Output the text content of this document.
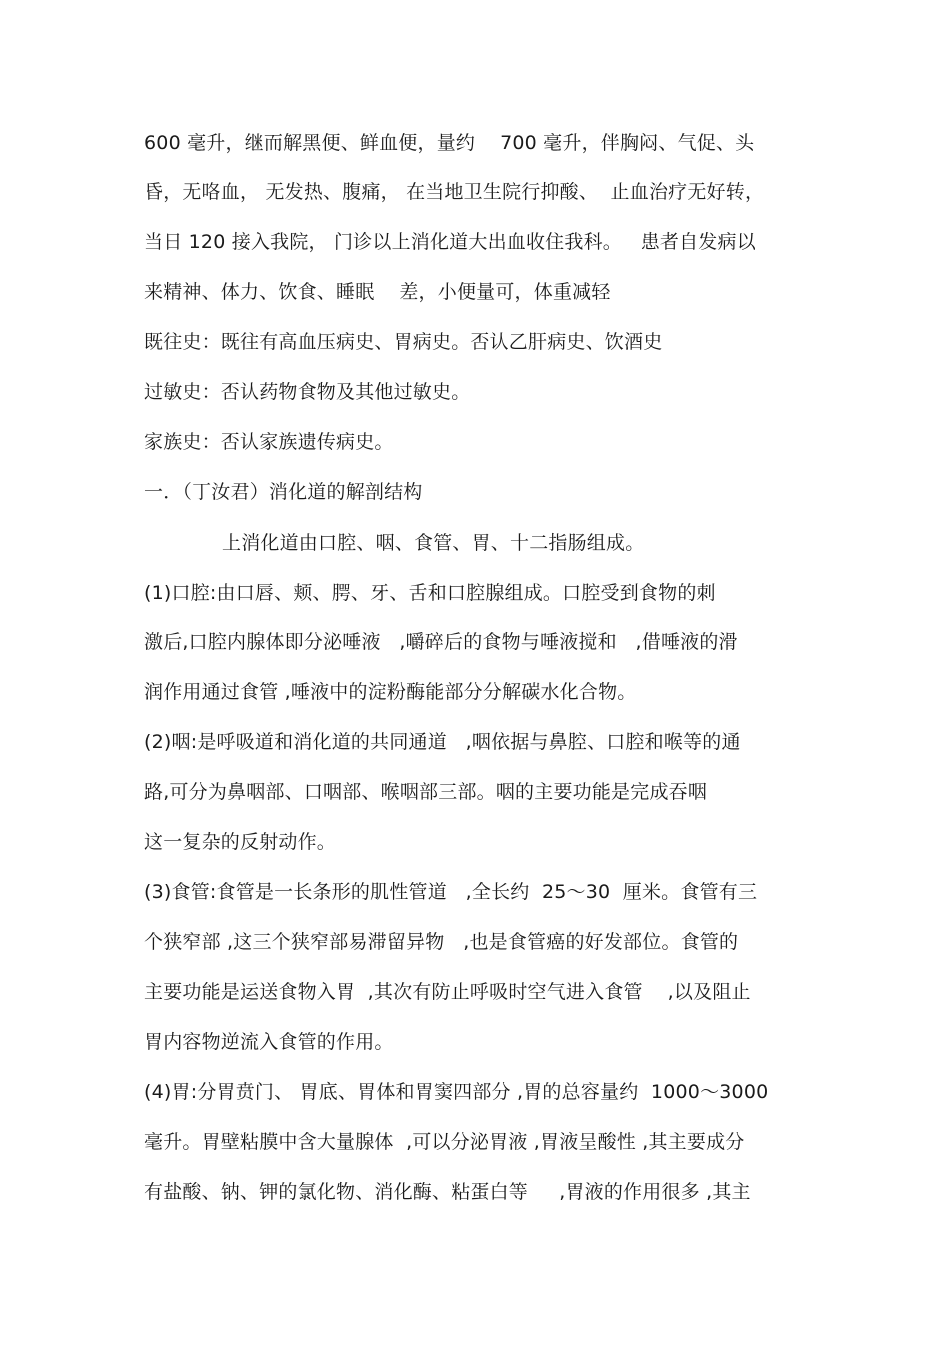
600 毫升，继而解黑便、鲜血便，量约    700 毫升，伴胸闷、气促、头
昏，无咯血， 无发热、腹痛， 在当地卫生院行抑酸、  止血治疗无好转，
当日 120 接入我院， 门诊以上消化道大出血收住我科。   患者自发病以
来精神、体力、饮食、睡眠    差，小便量可，体重减轻
既往史：既往有高血压病史、胃病史。否认乙肝病史、饮酒史
过敏史：否认药物食物及其他过敏史。
家族史：否认家族遗传病史。
一．（丁汝君）消化道的解剖结构
上消化道由口腔、咽、食管、胃、十二指肠组成。
(1)口腔:由口唇、颊、腭、牙、舌和口腔腺组成。口腔受到食物的刺
激后,口腔内腺体即分泌唾液   ,嚼碎后的食物与唾液搅和   ,借唾液的滑
润作用通过食管 ,唾液中的淀粉酶能部分分解碳水化合物。
(2)咽:是呼吸道和消化道的共同通道   ,咽依据与鼻腔、口腔和喉等的通
路,可分为鼻咽部、口咽部、喉咽部三部。咽的主要功能是完成吞咽
这一复杂的反射动作。
(3)食管:食管是一长条形的肌性管道   ,全长约  25～30  厘米。食管有三
个狭窄部 ,这三个狭窄部易滞留异物   ,也是食管癌的好发部位。食管的
主要功能是运送食物入胃  ,其次有防止呼吸时空气进入食管    ,以及阻止
胃内容物逆流入食管的作用。
(4)胃:分胃贲门、 胃底、胃体和胃窦四部分 ,胃的总容量约  1000～3000
毫升。胃壁粘膜中含大量腺体  ,可以分泌胃液 ,胃液呈酸性 ,其主要成分
有盐酸、钠、钾的氯化物、消化酶、粘蛋白等     ,胃液的作用很多 ,其主
